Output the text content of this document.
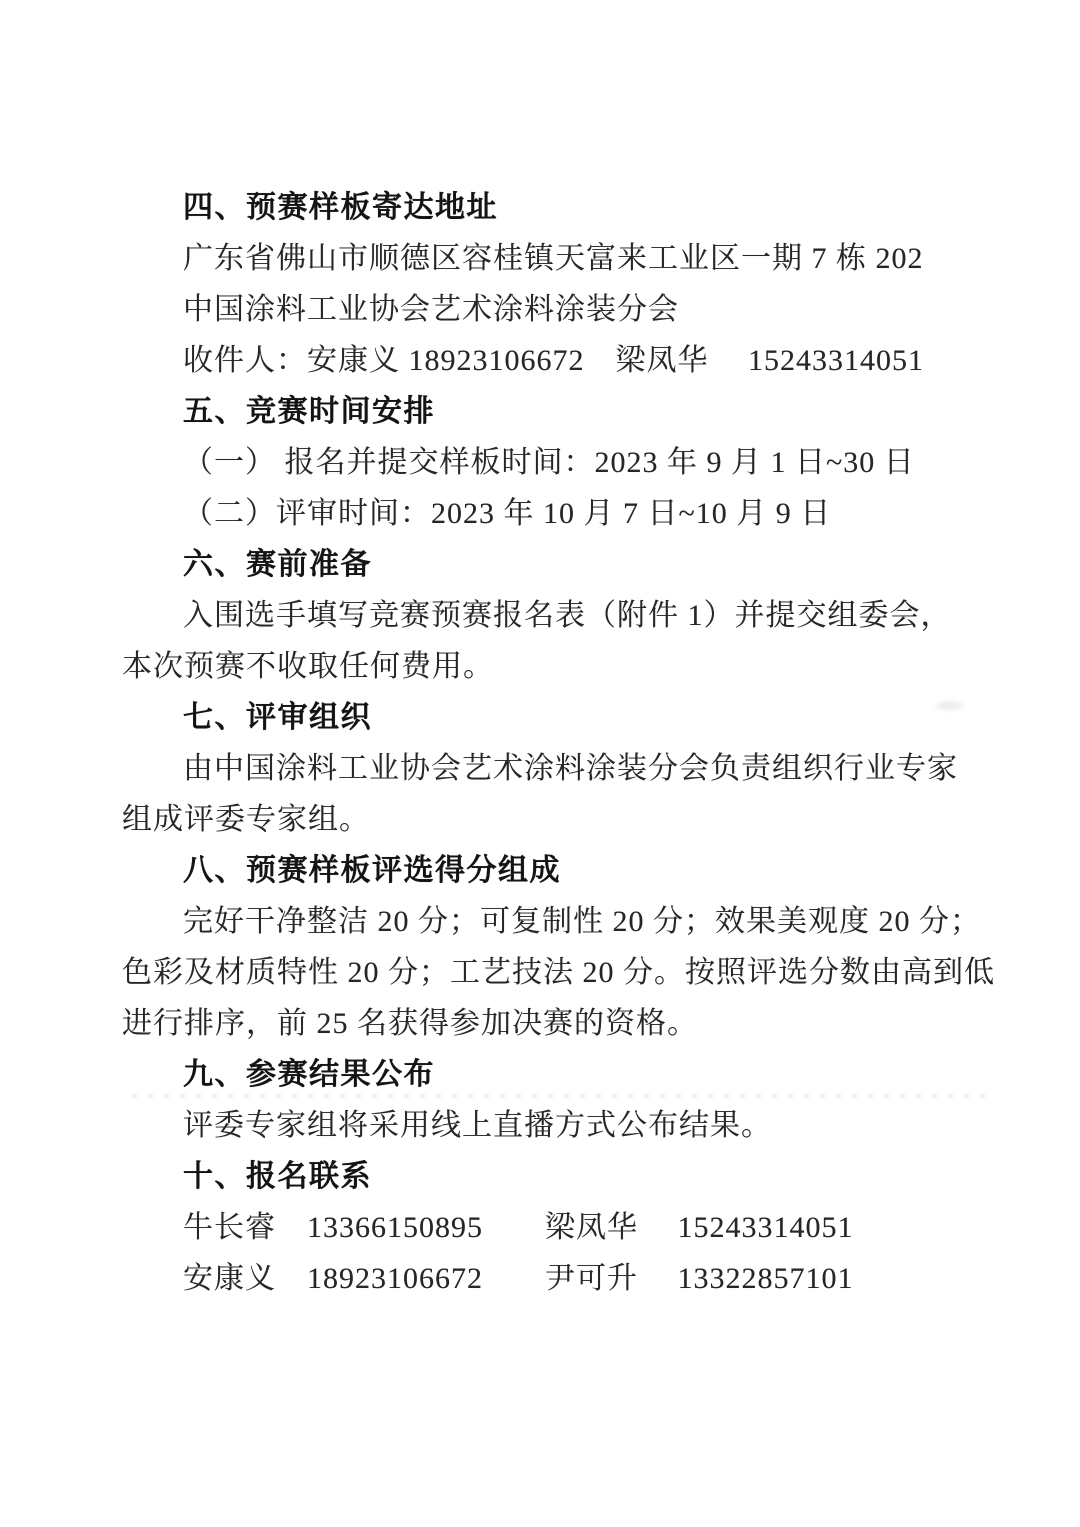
四、预赛样板寄达地址
广东省佛山市顺德区容桂镇天富来工业区一期 7 栋 202
中国涂料工业协会艺术涂料涂装分会
收件人：安康义 18923106672　梁凤华　 15243314051
五、竞赛时间安排
（一） 报名并提交样板时间：2023 年 9 月 1 日~30 日
（二）评审时间：2023 年 10 月 7 日~10 月 9 日
六、赛前准备
入围选手填写竞赛预赛报名表（附件 1）并提交组委会，
本次预赛不收取任何费用。
七、评审组织
由中国涂料工业协会艺术涂料涂装分会负责组织行业专家
组成评委专家组。
八、预赛样板评选得分组成
完好干净整洁 20 分；可复制性 20 分；效果美观度 20 分；
色彩及材质特性 20 分；工艺技法 20 分。按照评选分数由高到低
进行排序，前 25 名获得参加决赛的资格。
九、参赛结果公布
评委专家组将采用线上直播方式公布结果。
十、报名联系
牛长睿　13366150895　　梁凤华　 15243314051
安康义　18923106672　　尹可升　 13322857101
